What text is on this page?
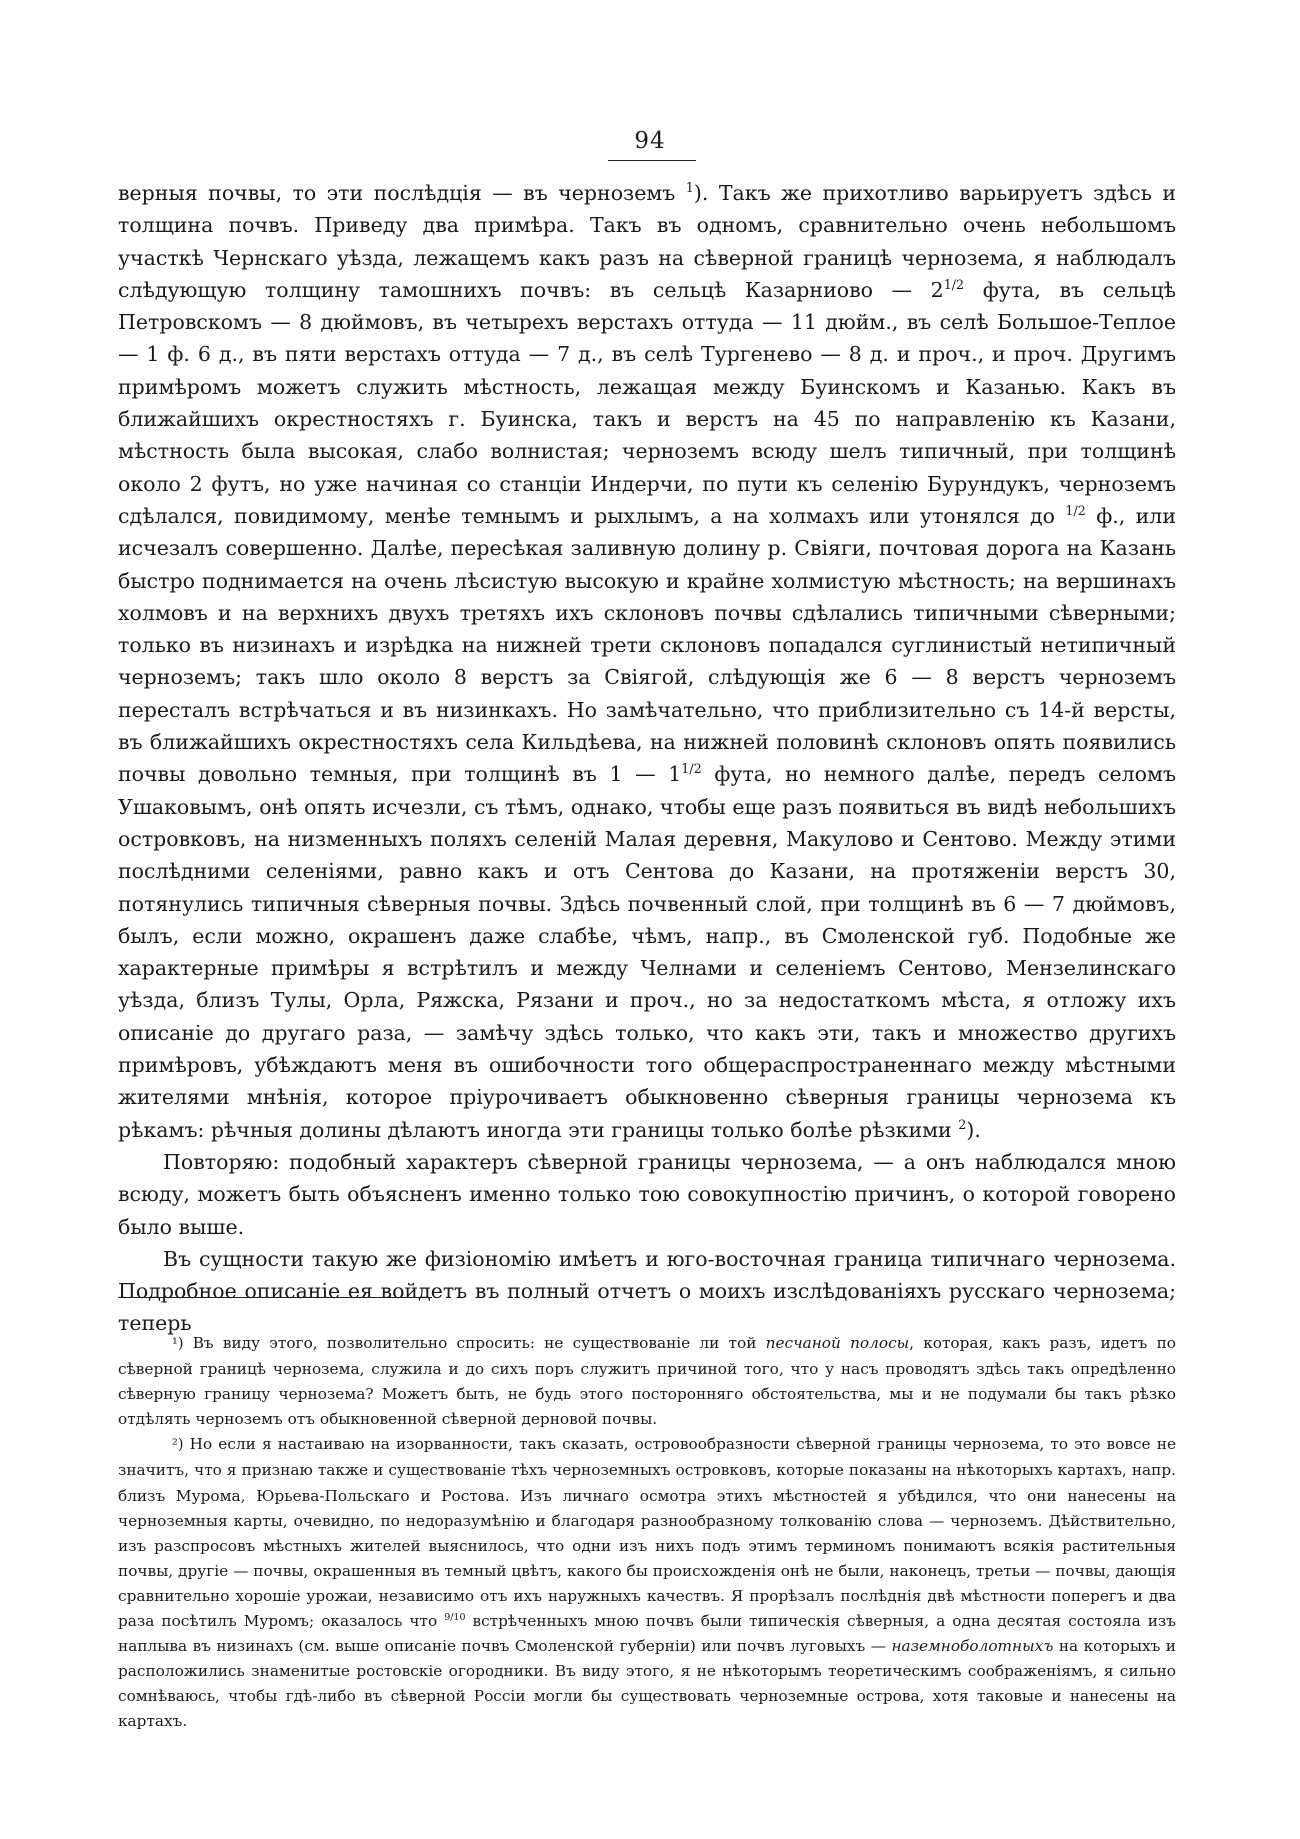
94

верныя почвы, то эти послѣдція — въ черноземъ $^1$). Такъ же прихотливо варьируетъ здѣсь и толщина почвъ. Приведу два примѣра. Такъ въ одномъ, сравнительно очень небольшомъ участкѣ Чернскаго уѣзда, лежащемъ какъ разъ на сѣверной границѣ чернозема, я наблюдалъ слѣдующую толщину тамошнихъ почвъ: въ сельцѣ Казарниово — $2^{1/2}$ фута, въ сельцѣ Петровскомъ — 8 дюймовъ, въ четырехъ верстахъ оттуда — 11 дюйм., въ селѣ Большое-Теплое — 1 ф. 6 д., въ пяти верстахъ оттуда — 7 д., въ селѣ Тургенево — 8 д. и проч., и проч. Другимъ примѣромъ можетъ служить мѣстность, лежащая между Буинскомъ и Казанью. Какъ въ ближайшихъ окрестностяхъ г. Буинска, такъ и верстъ на 45 по направленію къ Казани, мѣстность была высокая, слабо волнистая; черноземъ всюду шелъ типичный, при толщинѣ около 2 футъ, но уже начиная со станціи Индерчи, по пути къ селенію Бурундукъ, черноземъ сдѣлался, повидимому, менѣе темнымъ и рыхлымъ, а на холмахъ или утонялся до $^{1/2}$ ф., или исчезалъ совершенно. Далѣе, пересѣкая заливную долину р. Свіяги, почтовая дорога на Казань быстро поднимается на очень лѣсистую высокую и крайне холмистую мѣстность; на вершинахъ холмовъ и на верхнихъ двухъ третяхъ ихъ склоновъ почвы сдѣлались типичными сѣверными; только въ низинахъ и изрѣдка на нижней трети склоновъ попадался суглинистый нетипичный черноземъ; такъ шло около 8 верстъ за Свіягой, слѣдующія же 6 — 8 верстъ черноземъ пересталъ встрѣчаться и въ низинкахъ. Но замѣчательно, что приблизительно съ 14-й версты, въ ближайшихъ окрестностяхъ села Кильдѣева, на нижней половинѣ склоновъ опять появились почвы довольно темныя, при толщинѣ въ 1 — $1^{1/2}$ фута, но немного далѣе, передъ селомъ Ушаковымъ, онѣ опять исчезли, съ тѣмъ, однако, чтобы еще разъ появиться въ видѣ небольшихъ островковъ, на низменныхъ поляхъ селеній Малая деревня, Макулово и Сентово. Между этими послѣдними селеніями, равно какъ и отъ Сентова до Казани, на протяженіи верстъ 30, потянулись типичныя сѣверныя почвы. Здѣсь почвенный слой, при толщинѣ въ 6 — 7 дюймовъ, былъ, если можно, окрашенъ даже слабѣе, чѣмъ, напр., въ Смоленской губ. Подобные же характерные примѣры я встрѣтилъ и между Челнами и селеніемъ Сентово, Мензелинскаго уѣзда, близъ Тулы, Орла, Ряжска, Рязани и проч., но за недостаткомъ мѣста, я отложу ихъ описаніе до другаго раза, — замѣчу здѣсь только, что какъ эти, такъ и множество другихъ примѣровъ, убѣждаютъ меня въ ошибочности того общераспространеннаго между мѣстными жителями мнѣнія, которое пріурочиваетъ обыкновенно сѣверныя границы чернозема къ рѣкамъ: рѣчныя долины дѣлаютъ иногда эти границы только болѣе рѣзкими $^2$).

Повторяю: подобный характеръ сѣверной границы чернозема, — а онъ наблюдался мною всюду, можетъ быть объясненъ именно только тою совокупностію причинъ, о которой говорено было выше.

Въ сущности такую же физіономію имѣетъ и юго-восточная граница типичнаго чернозема. Подробное описаніе ея войдетъ въ полный отчетъ о моихъ изслѣдованіяхъ русскаго чернозема; теперь

¹) Въ виду этого, позволительно спросить: не существованіе ли той песчаной полосы, которая, какъ разъ, идетъ по сѣверной границѣ чернозема, служила и до сихъ поръ служитъ причиной того, что у насъ проводятъ здѣсь такъ опредѣленно сѣверную границу чернозема? Можетъ быть, не будь этого посторонняго обстоятельства, мы и не подумали бы такъ рѣзко отдѣлять черноземъ отъ обыкновенной сѣверной дерновой почвы.

²) Но если я настаиваю на изорванности, такъ сказать, островообразности сѣверной границы чернозема, то это вовсе не значитъ, что я признаю также и существованіе тѣхъ черноземныхъ островковъ, которые показаны на нѣкоторыхъ картахъ, напр. близъ Мурома, Юрьева-Польскаго и Ростова. Изъ личнаго осмотра этихъ мѣстностей я убѣдился, что они нанесены на черноземныя карты, очевидно, по недоразумѣнію и благодаря разнообразному толкованію слова — черноземъ. Дѣйствительно, изъ разспросовъ мѣстныхъ жителей выяснилось, что одни изъ нихъ подъ этимъ терминомъ понимаютъ всякія растительныя почвы, другіе — почвы, окрашенныя въ темный цвѣтъ, какого бы происхожденія онѣ не были, наконецъ, третьи — почвы, дающія сравнительно хорошіе урожаи, независимо отъ ихъ наружныхъ качествъ. Я прорѣзалъ послѣднія двѣ мѣстности поперегъ и два раза посѣтилъ Муромъ; оказалось что $^{9/10}$ встрѣченныхъ мною почвъ были типическія сѣверныя, а одна десятая состояла изъ наплыва въ низинахъ (см. выше описаніе почвъ Смоленской губерніи) или почвъ луговыхъ — наземноболотныхъ на которыхъ и расположились знаменитые ростовскіе огородники. Въ виду этого, я не нѣкоторымъ теоретическимъ соображеніямъ, я сильно сомнѣваюсь, чтобы гдѣ-либо въ сѣверной Россіи могли бы существовать черноземные острова, хотя таковые и нанесены на картахъ.
